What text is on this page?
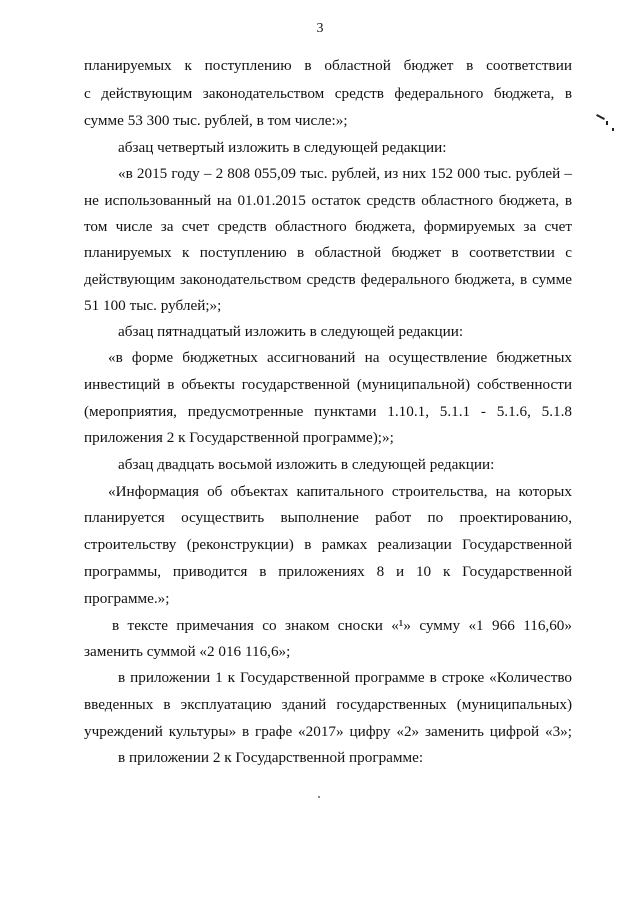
3
планируемых к поступлению в областной бюджет в соответствии
с действующим законодательством средств федерального бюджета, в
сумме 53 300 тыс. рублей, в том числе:»;
абзац четвертый изложить в следующей редакции:
«в 2015 году – 2 808 055,09 тыс. рублей, из них 152 000 тыс. рублей –
не использованный на 01.01.2015 остаток средств областного бюджета, в
том числе за счет средств областного бюджета, формируемых за счет
планируемых к поступлению в областной бюджет в соответствии с
действующим законодательством средств федерального бюджета, в сумме
51 100 тыс. рублей;»;
абзац пятнадцатый изложить в следующей редакции:
«в форме бюджетных ассигнований на осуществление бюджетных
инвестиций в объекты государственной (муниципальной) собственности
(мероприятия, предусмотренные пунктами 1.10.1, 5.1.1 - 5.1.6, 5.1.8
приложения 2 к Государственной программе);»;
абзац двадцать восьмой изложить в следующей редакции:
«Информация об объектах капитального строительства, на которых
планируется осуществить выполнение работ по проектированию,
строительству (реконструкции) в рамках реализации Государственной
программы, приводится в приложениях 8 и 10 к Государственной
программе.»;
в тексте примечания со знаком сноски «¹» сумму «1 966 116,60»
заменить суммой «2 016 116,6»;
в приложении 1 к Государственной программе в строке «Количество
введенных в эксплуатацию зданий государственных (муниципальных)
учреждений культуры» в графе «2017» цифру «2» заменить цифрой «3»;
в приложении 2 к Государственной программе:
